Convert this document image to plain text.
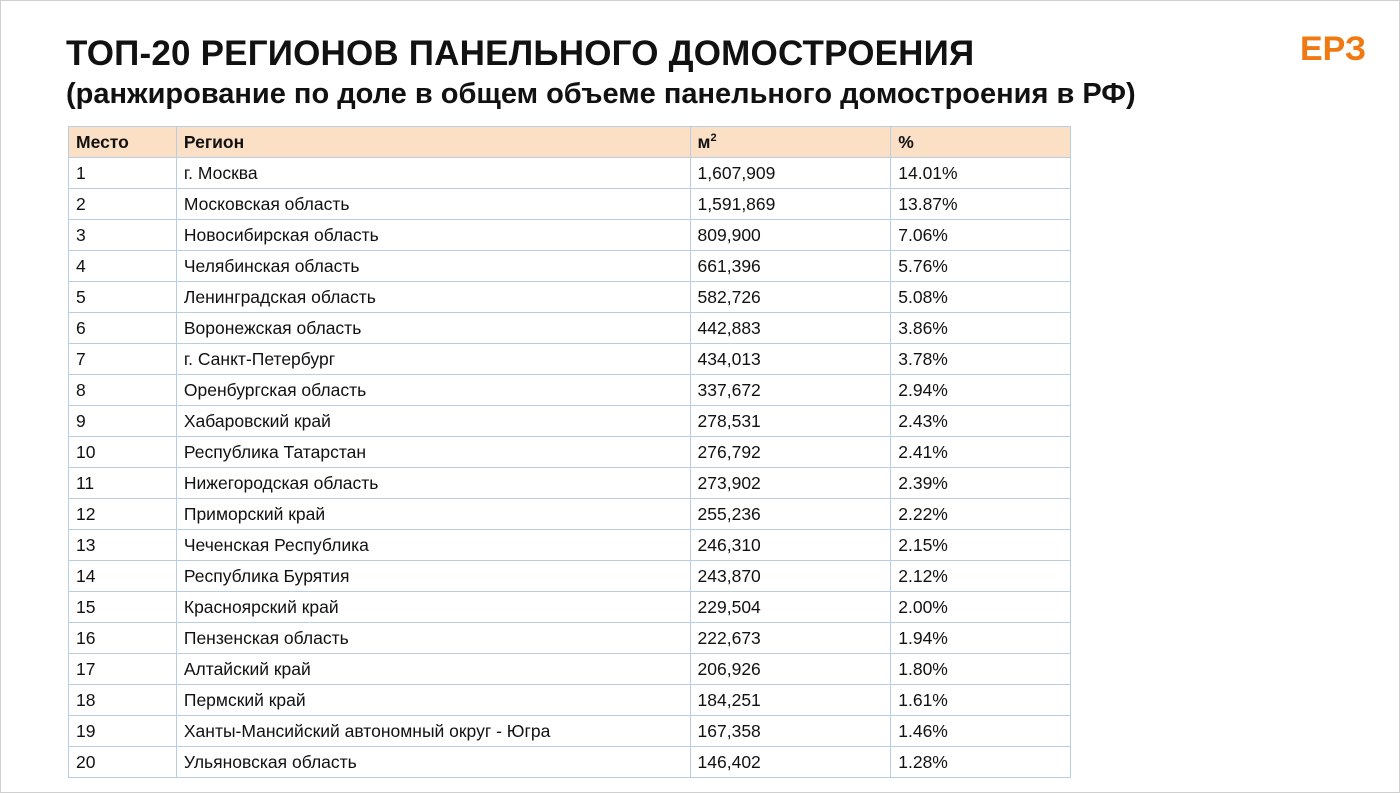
ТОП-20 РЕГИОНОВ ПАНЕЛЬНОГО ДОМОСТРОЕНИЯ
(ранжирование по доле в общем объеме панельного домостроения в РФ)
ЕРЗ
Место	Регион	$м^2$	%
1	г. Москва	1,607,909	14.01%
2	Московская область	1,591,869	13.87%
3	Новосибирская область	809,900	7.06%
4	Челябинская область	661,396	5.76%
5	Ленинградская область	582,726	5.08%
6	Воронежская область	442,883	3.86%
7	г. Санкт-Петербург	434,013	3.78%
8	Оренбургская область	337,672	2.94%
9	Хабаровский край	278,531	2.43%
10	Республика Татарстан	276,792	2.41%
11	Нижегородская область	273,902	2.39%
12	Приморский край	255,236	2.22%
13	Чеченская Республика	246,310	2.15%
14	Республика Бурятия	243,870	2.12%
15	Красноярский край	229,504	2.00%
16	Пензенская область	222,673	1.94%
17	Алтайский край	206,926	1.80%
18	Пермский край	184,251	1.61%
19	Ханты-Мансийский автономный округ - Югра	167,358	1.46%
20	Ульяновская область	146,402	1.28%
